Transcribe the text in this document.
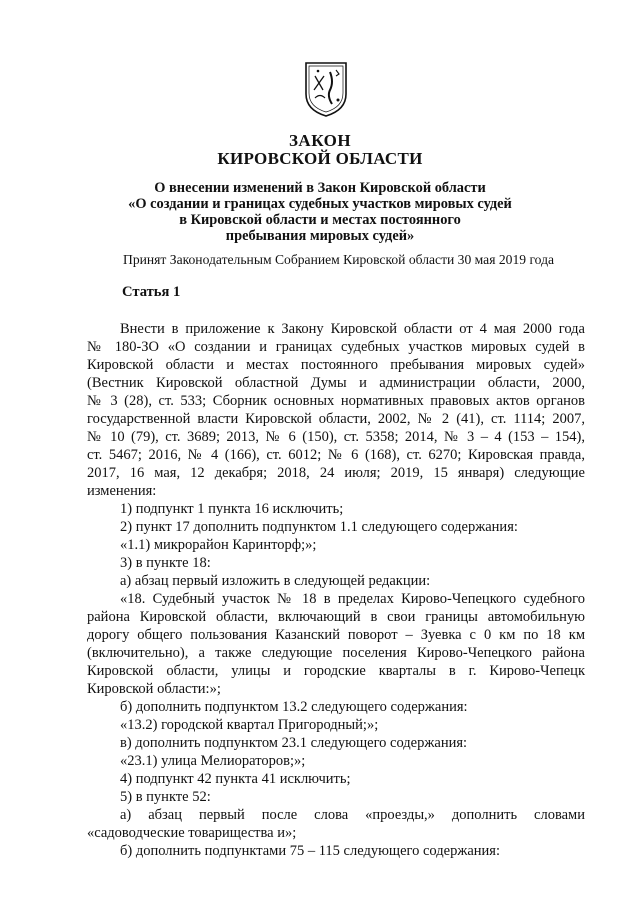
ЗАКОН
КИРОВСКОЙ ОБЛАСТИ
О внесении изменений в Закон Кировской области
«О создании и границах судебных участков мировых судей
в Кировской области и местах постоянного
пребывания мировых судей»
Принят Законодательным Собранием Кировской области 30 мая 2019 года
Статья 1
Внести в приложение к Закону Кировской области от 4 мая 2000 года
№ 180-ЗО «О создании и границах судебных участков мировых судей в
Кировской области и местах постоянного пребывания мировых судей»
(Вестник Кировской областной Думы и администрации области, 2000,
№ 3 (28), ст. 533; Сборник основных нормативных правовых актов органов
государственной власти Кировской области, 2002, № 2 (41), ст. 1114; 2007,
№ 10 (79), ст. 3689; 2013, № 6 (150), ст. 5358; 2014, № 3 – 4 (153 – 154),
ст. 5467; 2016, № 4 (166), ст. 6012; № 6 (168), ст. 6270; Кировская правда,
2017, 16 мая, 12 декабря; 2018, 24 июля; 2019, 15 января) следующие
изменения:
1) подпункт 1 пункта 16 исключить;
2) пункт 17 дополнить подпунктом 1.1 следующего содержания:
«1.1) микрорайон Каринторф;»;
3) в пункте 18:
а) абзац первый изложить в следующей редакции:
«18. Судебный участок № 18 в пределах Кирово-Чепецкого судебного
района Кировской области, включающий в свои границы автомобильную
дорогу общего пользования Казанский поворот – Зуевка с 0 км по 18 км
(включительно), а также следующие поселения Кирово-Чепецкого района
Кировской области, улицы и городские кварталы в г. Кирово-Чепецк
Кировской области:»;
б) дополнить подпунктом 13.2 следующего содержания:
«13.2) городской квартал Пригородный;»;
в) дополнить подпунктом 23.1 следующего содержания:
«23.1) улица Мелиораторов;»;
4) подпункт 42 пункта 41 исключить;
5) в пункте 52:
а) абзац первый после слова «проезды,» дополнить словами
«садоводческие товарищества и»;
б) дополнить подпунктами 75 – 115 следующего содержания:
